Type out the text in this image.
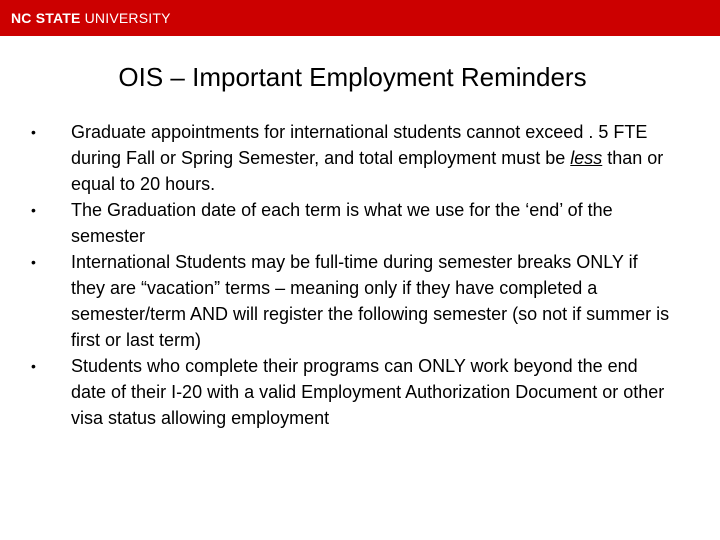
NC STATE UNIVERSITY
OIS – Important Employment Reminders
• Graduate appointments for international students cannot exceed . 5 FTE during Fall or Spring Semester, and total employment must be less than or equal to 20 hours.
• The Graduation date of each term is what we use for the ‘end’ of the semester
• International Students may be full-time during semester breaks ONLY if they are “vacation” terms – meaning only if they have completed a semester/term AND will register the following semester (so not if summer is first or last term)
• Students who complete their programs can ONLY work beyond the end date of their I-20 with a valid Employment Authorization Document or other visa status allowing employment
